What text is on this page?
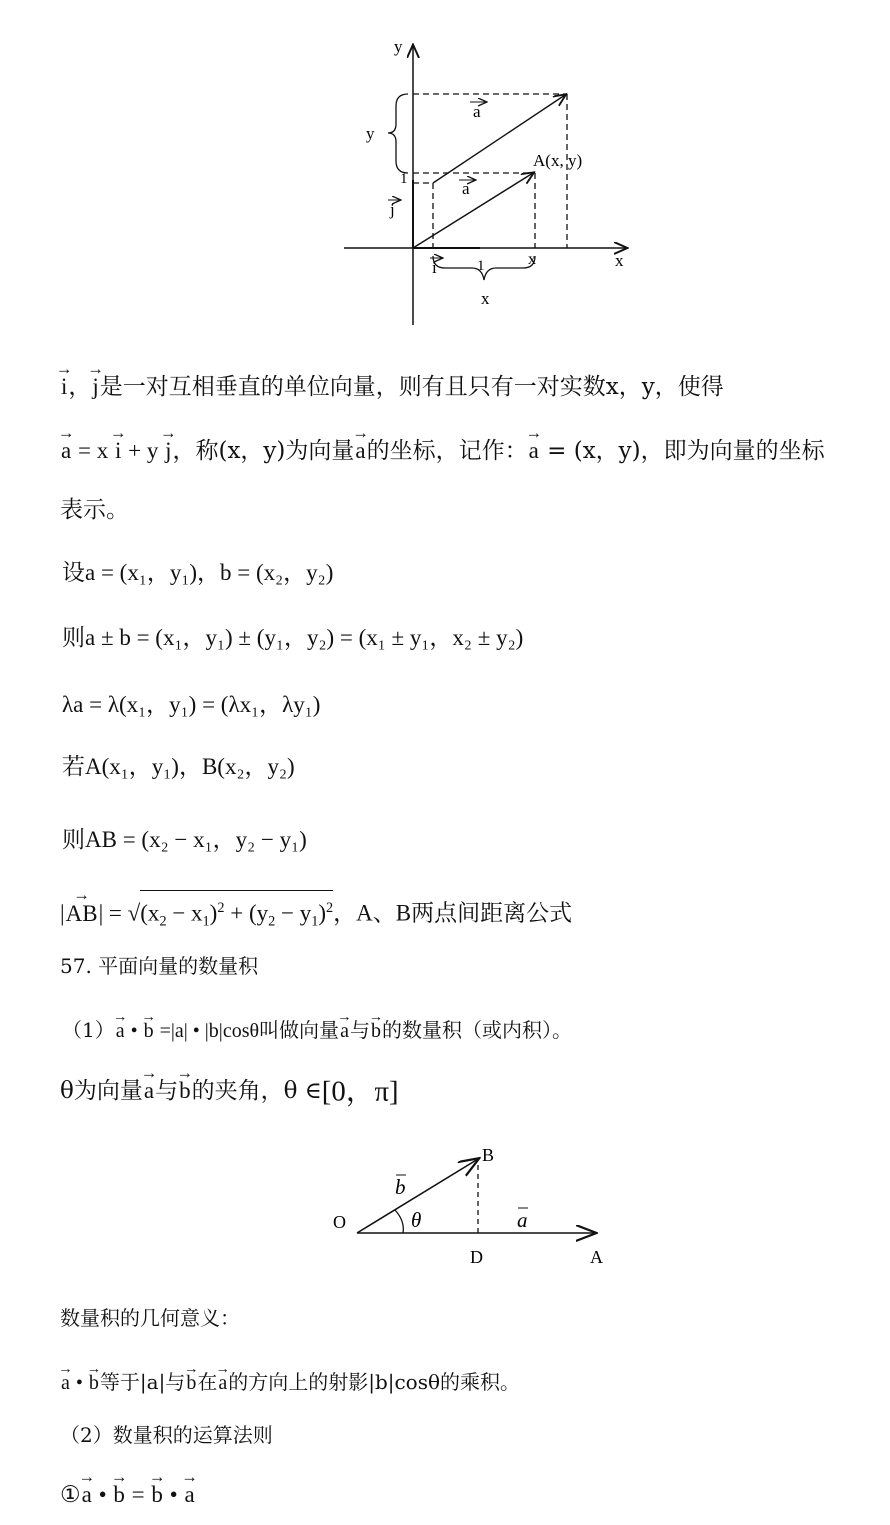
y
x
y
x
1
1	x
j
i
a
a
A(x, y)
→ i，→ j是一对互相垂直的单位向量，则有且只有一对实数x，y，使得
→ a = x → i + y → j，称(x，y)为向量→ a的坐标，记作：→ a = (x，y)，即为向量的坐标
表示。
设a = (x₁，y₁)，b = (x₂，y₂)
则a ± b = (x₁，y₁) ± (y₁，y₂) = (x₁ ± y₁，x₂ ± y₂)
λa = λ(x₁，y₁) = (λx₁，λy₁)
若A(x₁，y₁)，B(x₂，y₂)
则AB = (x₂ − x₁，y₂ − y₁)
|→ $AB| = √(x_2 - x_1)^2 + (y_2 - y_1)^2$，A、B两点间距离公式
57. 平面向量的数量积
（1）→ a • → b =|a| • |b|cosθ叫做向量→ a与→ b的数量积（或内积）。
θ为向量→ a与→ b的夹角，θ ∈[0，π]
O
A
B
D
a
b
θ
数量积的几何意义：
→ a • → b等于|a|与→ b在→ a的方向上的射影|b|cosθ的乘积。
（2）数量积的运算法则
①→ a • → b = → b • → a
